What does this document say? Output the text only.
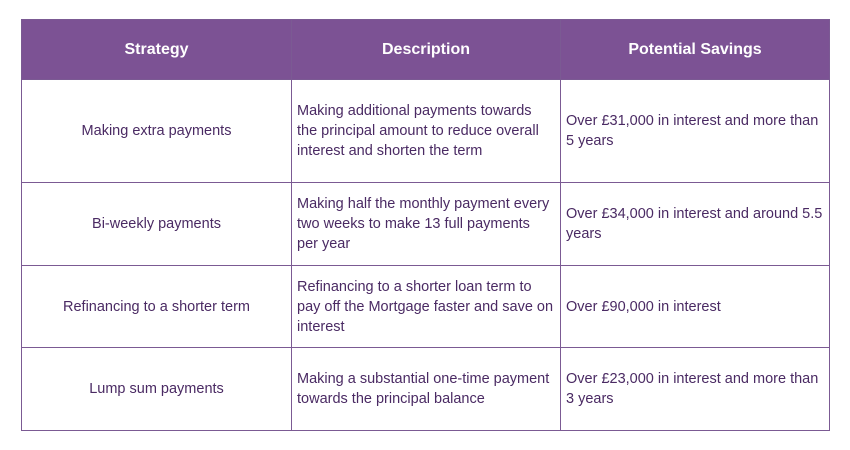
Strategy	Description	Potential Savings
Making extra payments	Making additional payments towards the principal amount to reduce overall interest and shorten the term	Over £31,000 in interest and more than 5 years
Bi-weekly payments	Making half the monthly payment every two weeks to make 13 full payments per year	Over £34,000 in interest and around 5.5 years
Refinancing to a shorter term	Refinancing to a shorter loan term to pay off the Mortgage faster and save on interest	Over £90,000 in interest
Lump sum payments	Making a substantial one-time payment towards the principal balance	Over £23,000 in interest and more than 3 years
